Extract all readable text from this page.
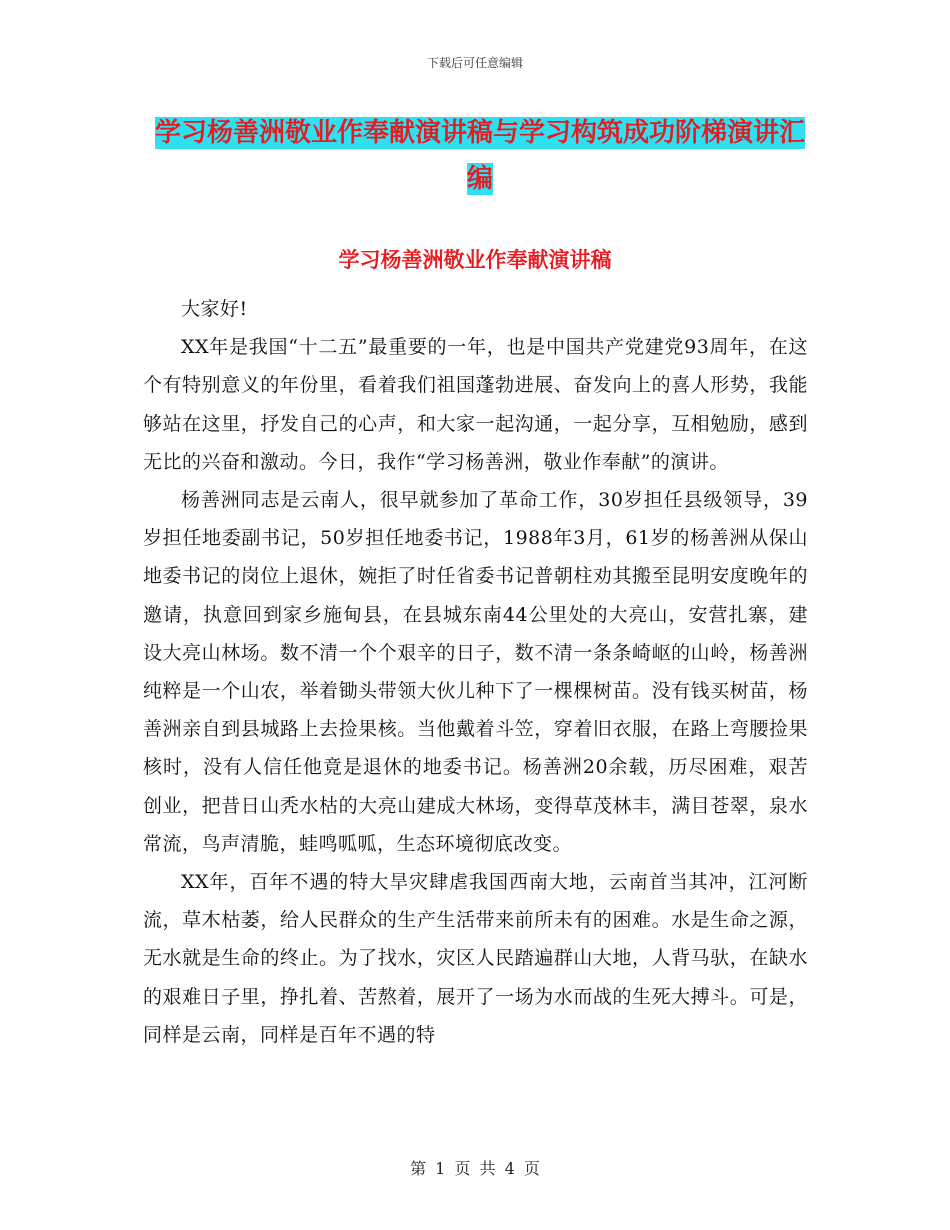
下载后可任意编辑
学习杨善洲敬业作奉献演讲稿与学习构筑成功阶梯演讲汇编
学习杨善洲敬业作奉献演讲稿

大家好!

XX年是我国“十二五”最重要的一年，也是中国共产党建党93周年，在这个有特别意义的年份里，看着我们祖国蓬勃进展、奋发向上的喜人形势，我能够站在这里，抒发自己的心声，和大家一起沟通，一起分享，互相勉励，感到无比的兴奋和激动。今日，我作“学习杨善洲，敬业作奉献”的演讲。

杨善洲同志是云南人，很早就参加了革命工作，30岁担任县级领导，39岁担任地委副书记，50岁担任地委书记，1988年3月，61岁的杨善洲从保山地委书记的岗位上退休，婉拒了时任省委书记普朝柱劝其搬至昆明安度晚年的邀请，执意回到家乡施甸县，在县城东南44公里处的大亮山，安营扎寨，建设大亮山林场。数不清一个个艰辛的日子，数不清一条条崎岖的山岭，杨善洲纯粹是一个山农，举着锄头带领大伙儿种下了一棵棵树苗。没有钱买树苗，杨善洲亲自到县城路上去捡果核。当他戴着斗笠，穿着旧衣服，在路上弯腰捡果核时，没有人信任他竟是退休的地委书记。杨善洲20余载，历尽困难，艰苦创业，把昔日山秃水枯的大亮山建成大林场，变得草茂林丰，满目苍翠，泉水常流，鸟声清脆，蛙鸣呱呱，生态环境彻底改变。

XX年，百年不遇的特大旱灾肆虐我国西南大地，云南首当其冲，江河断流，草木枯萎，给人民群众的生产生活带来前所未有的困难。水是生命之源，无水就是生命的终止。为了找水，灾区人民踏遍群山大地，人背马驮，在缺水的艰难日子里，挣扎着、苦熬着，展开了一场为水而战的生死大搏斗。可是，同样是云南，同样是百年不遇的特

第 1 页 共 4 页
